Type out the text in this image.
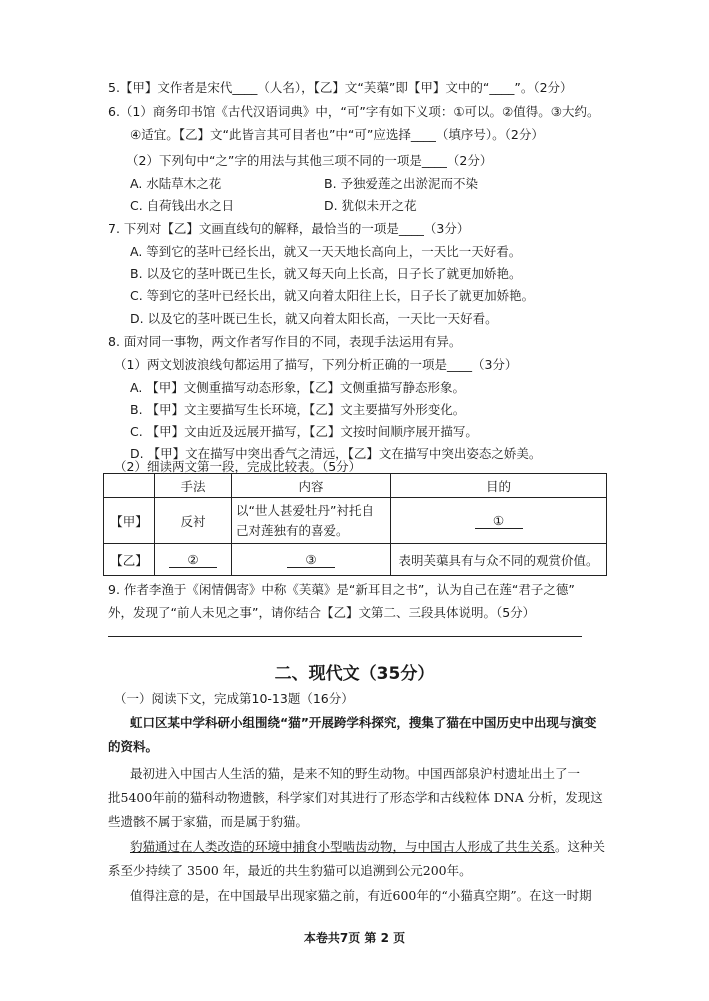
5.【甲】文作者是宋代____（人名），【乙】文“芙蕖”即【甲】文中的“____”。（2分）
6.（1）商务印书馆《古代汉语词典》中，“可”字有如下义项：①可以。②值得。③大约。
④适宜。【乙】文“此皆言其可目者也”中“可”应选择____（填序号）。（2分）
（2）下列句中“之”字的用法与其他三项不同的一项是____（2分）
A. 水陆草木之花	B. 予独爱莲之出淤泥而不染
C. 自荷钱出水之日	D. 犹似未开之花
7. 下列对【乙】文画直线句的解释，最恰当的一项是____（3分）
A. 等到它的茎叶已经长出，就又一天天地长高向上，一天比一天好看。
B. 以及它的茎叶既已生长，就又每天向上长高，日子长了就更加娇艳。
C. 等到它的茎叶已经长出，就又向着太阳往上长，日子长了就更加娇艳。
D. 以及它的茎叶既已生长，就又向着太阳长高，一天比一天好看。
8. 面对同一事物，两文作者写作目的不同，表现手法运用有异。
（1）两文划波浪线句都运用了描写，下列分析正确的一项是____（3分）
A. 【甲】文侧重描写动态形象，【乙】文侧重描写静态形象。
B. 【甲】文主要描写生长环境，【乙】文主要描写外形变化。
C. 【甲】文由近及远展开描写，【乙】文按时间顺序展开描写。
D. 【甲】文在描写中突出香气之清远，【乙】文在描写中突出姿态之娇美。
（2）细读两文第一段，完成比较表。（5分）
	手法	内容	目的
【甲】	反衬	以“世人甚爱牡丹”衬托自己对莲独有的喜爱。	①
【乙】	②	③	表明芙蕖具有与众不同的观赏价值。
9. 作者李渔于《闲情偶寄》中称《芙蕖》是“新耳目之书”，认为自己在莲“君子之德”
外，发现了“前人未见之事”，请你结合【乙】文第二、三段具体说明。（5分）
二、现代文（35分）
（一）阅读下文，完成第10-13题（16分）
虹口区某中学科研小组围绕“猫”开展跨学科探究，搜集了猫在中国历史中出现与演变
的资料。
最初进入中国古人生活的猫，是来不知的野生动物。中国西部泉沪村遗址出土了一
批5400年前的猫科动物遗骸，科学家们对其进行了形态学和古线粒体 DNA 分析，发现这
些遗骸不属于家猫，而是属于豹猫。
豹猫通过在人类改造的环境中捕食小型啮齿动物，与中国古人形成了共生关系。这种关
系至少持续了 3500 年，最近的共生豹猫可以追溯到公元200年。
值得注意的是，在中国最早出现家猫之前，有近600年的“小猫真空期”。在这一时期
本卷共7页 第 2 页
